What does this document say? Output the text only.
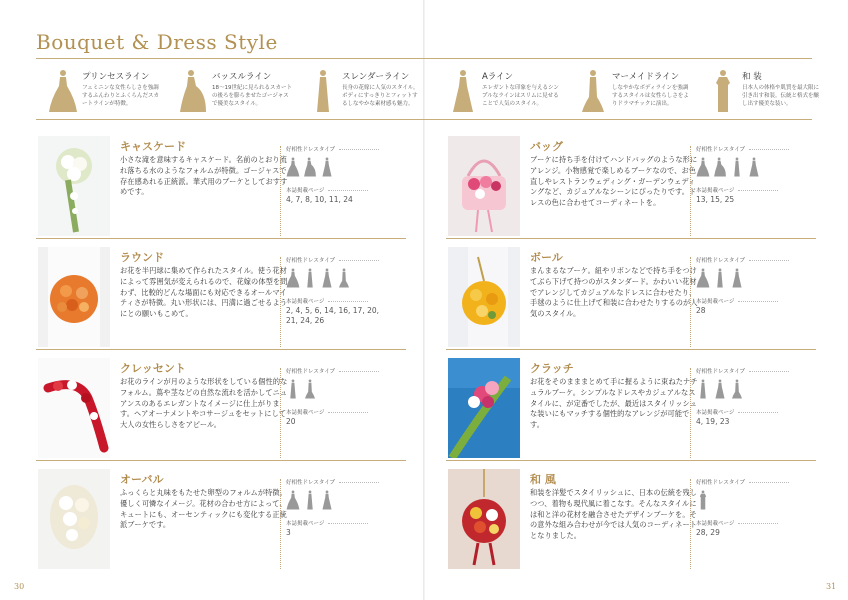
Bouquet & Dress Style
プリンセスライン
フェミニンな女性らしさを強調するふんわりとふくらんだスカートラインが特徴。
バッスルライン
18〜19世紀に見られるスカートの後ろを膨らませたゴージャスで優美なスタイル。
スレンダーライン
長身の花嫁に人気のスタイル。ボディにすっきりとフィットするしなやかな素材感も魅力。
Aライン
エレガントな印象を与えるシンプルなラインはスリムに見せることで人気のスタイル。
マーメイドライン
しなやかなボディラインを強調するスタイルは女性らしさをよりドラマチックに演出。
和 装
日本人の体格や肌質を最大限に引き出す和装。伝統と格式を醸し出す優美な装い。
キャスケード
小さな滝を意味するキャスケード。名前のとおり流れ落ちる水のようなフォルムが特徴。ゴージャスで存在感あれる正統派。華式用のブーケとしておすすめです。
好相性ドレスタイプ
本誌掲載ページ
4, 7, 8, 10, 11, 24
ラウンド
お花を半円球に集めて作られたスタイル。使う花材によって雰囲気が変えられるので、花嫁の体型を問わず、比較的どんな場面にも対応できるオールマイティさが特徴。丸い形状には、円満に過ごせるようにとの願いもこめて。
好相性ドレスタイプ
本誌掲載ページ
2, 4, 5, 6, 14, 16, 17, 20, 21, 24, 26
クレッセント
お花のラインが月のような形状をしている個性的なフォルム。蔦や茎などの自然な流れを活かしてニュアンスのあるエレガントなイメージに仕上がります。ヘアオーナメントやコサージュをセットにして大人の女性らしさをアピール。
好相性ドレスタイプ
本誌掲載ページ
20
オーバル
ふっくらと丸味をもたせた卵型のフォルムが特徴。優しく可憐なイメージ。花材の合わせ方によって、キュートにも、オーセンティックにも変化する正統派ブーケです。
好相性ドレスタイプ
本誌掲載ページ
3
バッグ
ブーケに持ち手を付けてハンドバッグのような形にアレンジ。小物感覚で楽しめるブーケなので、お色直しやレストランウェディング・ガーデンウェディングなど、カジュアルなシーンにぴったりです。ドレスの色に合わせてコーディネートを。
好相性ドレスタイプ
本誌掲載ページ
13, 15, 25
ボール
まんまるなブーケ。紐やリボンなどで持ち手をつけてぶら下げて持つのがスタンダード。かわいい花材でアレンジしてカジュアルなドレスに合わせたり、手毬のように仕上げて和装に合わせたりするのが人気のスタイル。
好相性ドレスタイプ
本誌掲載ページ
28
クラッチ
お花をそのまままとめて手に握るように束ねたナチュラルブーケ。シンプルなドレスやカジュアルなスタイルに、が定番でしたが、最近はスタイリッシュな装いにもマッチする個性的なアレンジが可能です。
好相性ドレスタイプ
本誌掲載ページ
4, 19, 23
和 風
和装を洋髪でスタイリッシュに、日本の伝統を残しつつ、着物も現代風に着こなす。そんなスタイルには和と洋の花材を融合させたデザインブーケを。その意外な組み合わせが今では人気のコーディネートとなりました。
好相性ドレスタイプ
本誌掲載ページ
28, 29
30	31
